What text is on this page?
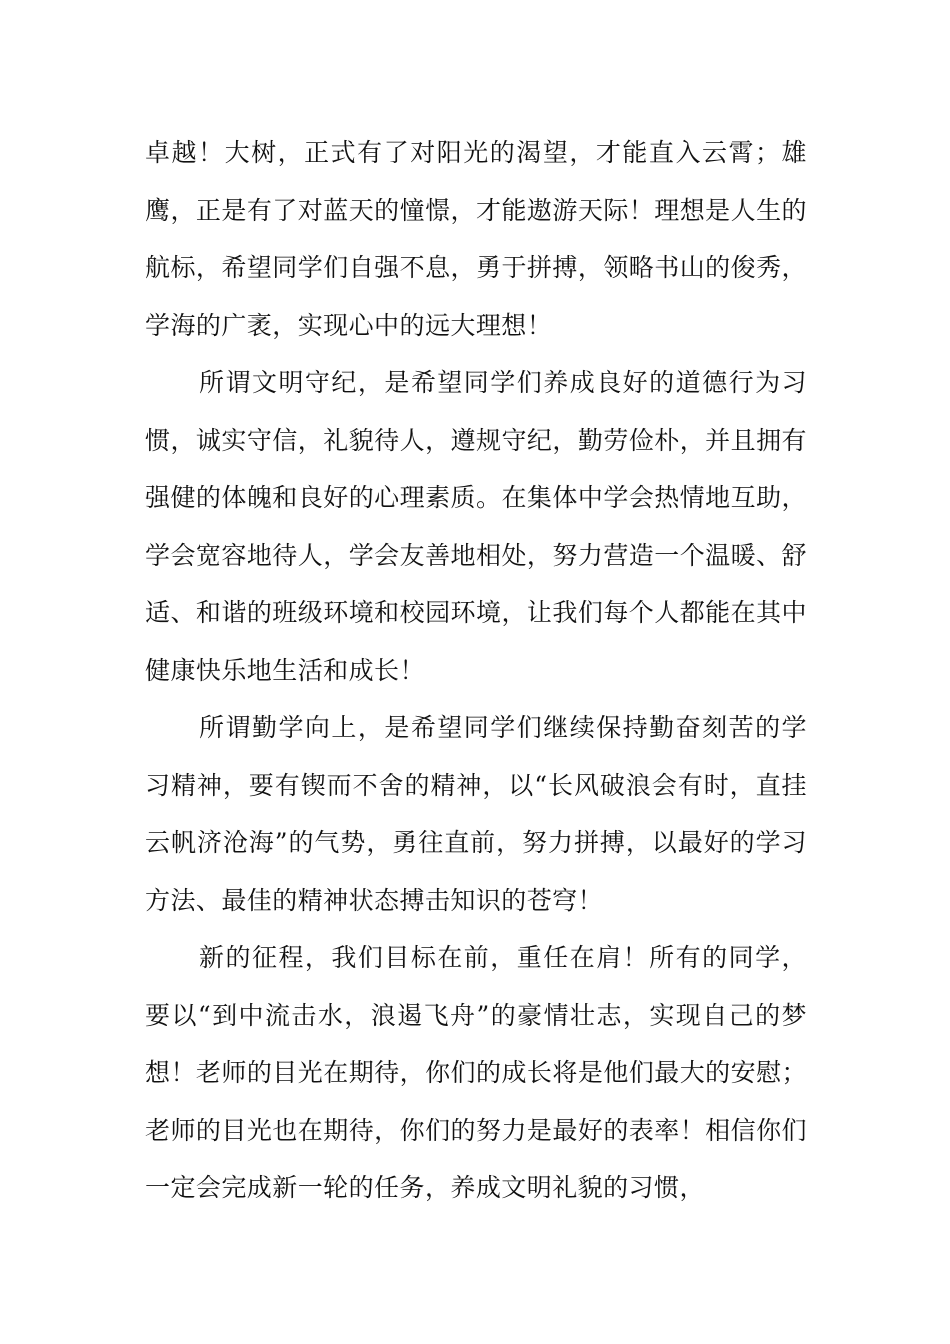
卓越！大树，正式有了对阳光的渴望，才能直入云霄；雄鹰，正是有了对蓝天的憧憬，才能遨游天际！理想是人生的航标，希望同学们自强不息，勇于拼搏，领略书山的俊秀，学海的广袤，实现心中的远大理想！

所谓文明守纪，是希望同学们养成良好的道德行为习惯，诚实守信，礼貌待人，遵规守纪，勤劳俭朴，并且拥有强健的体魄和良好的心理素质。在集体中学会热情地互助，学会宽容地待人，学会友善地相处，努力营造一个温暖、舒适、和谐的班级环境和校园环境，让我们每个人都能在其中健康快乐地生活和成长！

所谓勤学向上，是希望同学们继续保持勤奋刻苦的学习精神，要有锲而不舍的精神，以“长风破浪会有时，直挂云帆济沧海”的气势，勇往直前，努力拼搏，以最好的学习方法、最佳的精神状态搏击知识的苍穹！

新的征程，我们目标在前，重任在肩！所有的同学，要以“到中流击水，浪遏飞舟”的豪情壮志，实现自己的梦想！老师的目光在期待，你们的成长将是他们最大的安慰；老师的目光也在期待，你们的努力是最好的表率！相信你们一定会完成新一轮的任务，养成文明礼貌的习惯，
